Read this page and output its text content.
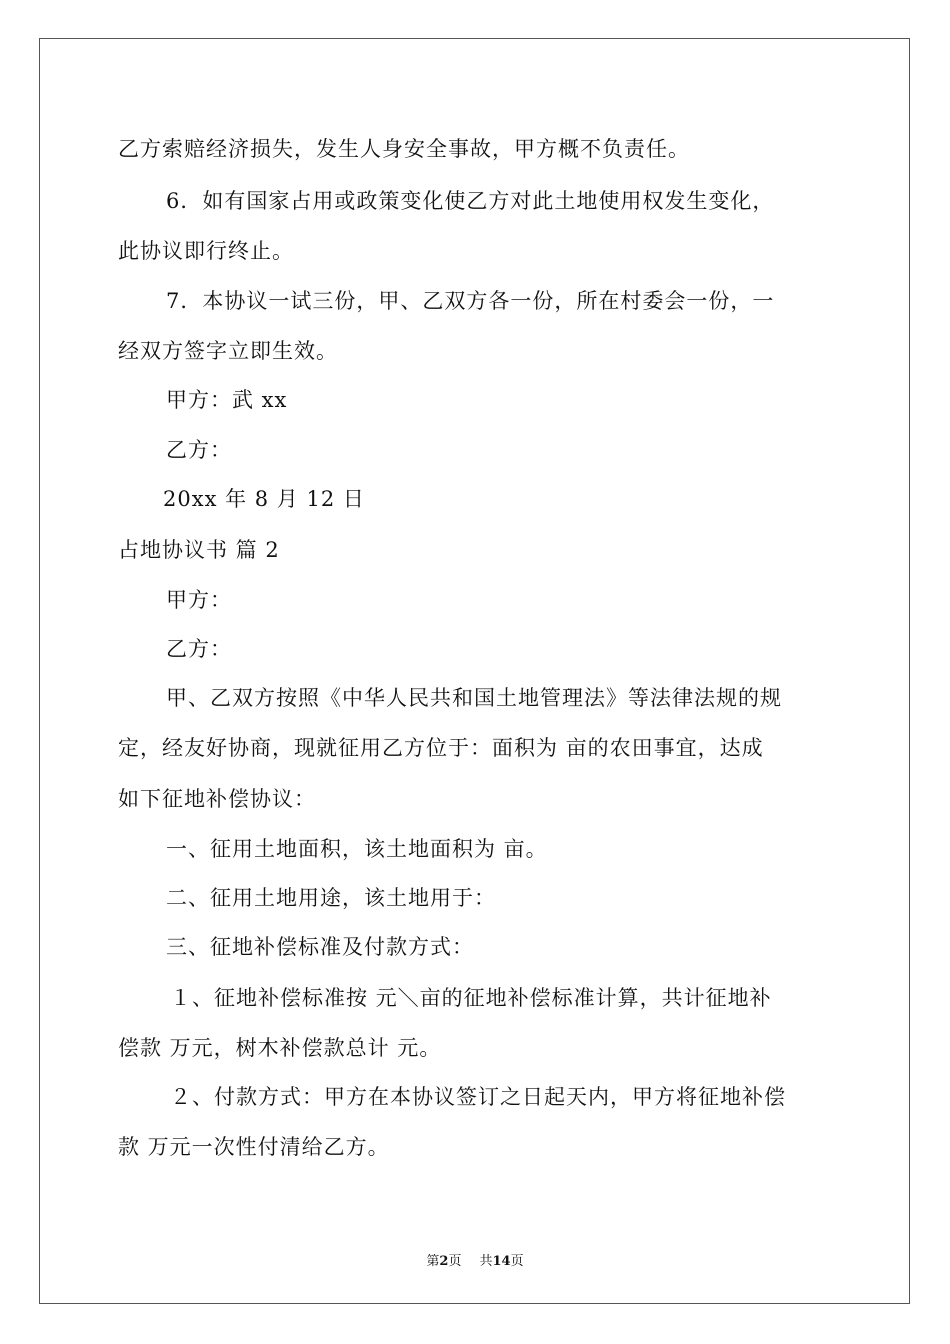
乙方索赔经济损失，发生人身安全事故，甲方概不负责任。
6．如有国家占用或政策变化使乙方对此土地使用权发生变化，
此协议即行终止。
7．本协议一试三份，甲、乙双方各一份，所在村委会一份，一
经双方签字立即生效。
甲方：武 xx
乙方：
20xx 年 8 月 12 日
占地协议书 篇 2
甲方：
乙方：
甲、乙双方按照《中华人民共和国土地管理法》等法律法规的规
定，经友好协商，现就征用乙方位于：面积为 亩的农田事宜，达成
如下征地补偿协议：
一、征用土地面积，该土地面积为 亩。
二、征用土地用途，该土地用于：
三、征地补偿标准及付款方式：
１、征地补偿标准按 元＼亩的征地补偿标准计算，共计征地补
偿款 万元，树木补偿款总计 元。
２、付款方式：甲方在本协议签订之日起天内，甲方将征地补偿
款 万元一次性付清给乙方。
第2页 共14页
